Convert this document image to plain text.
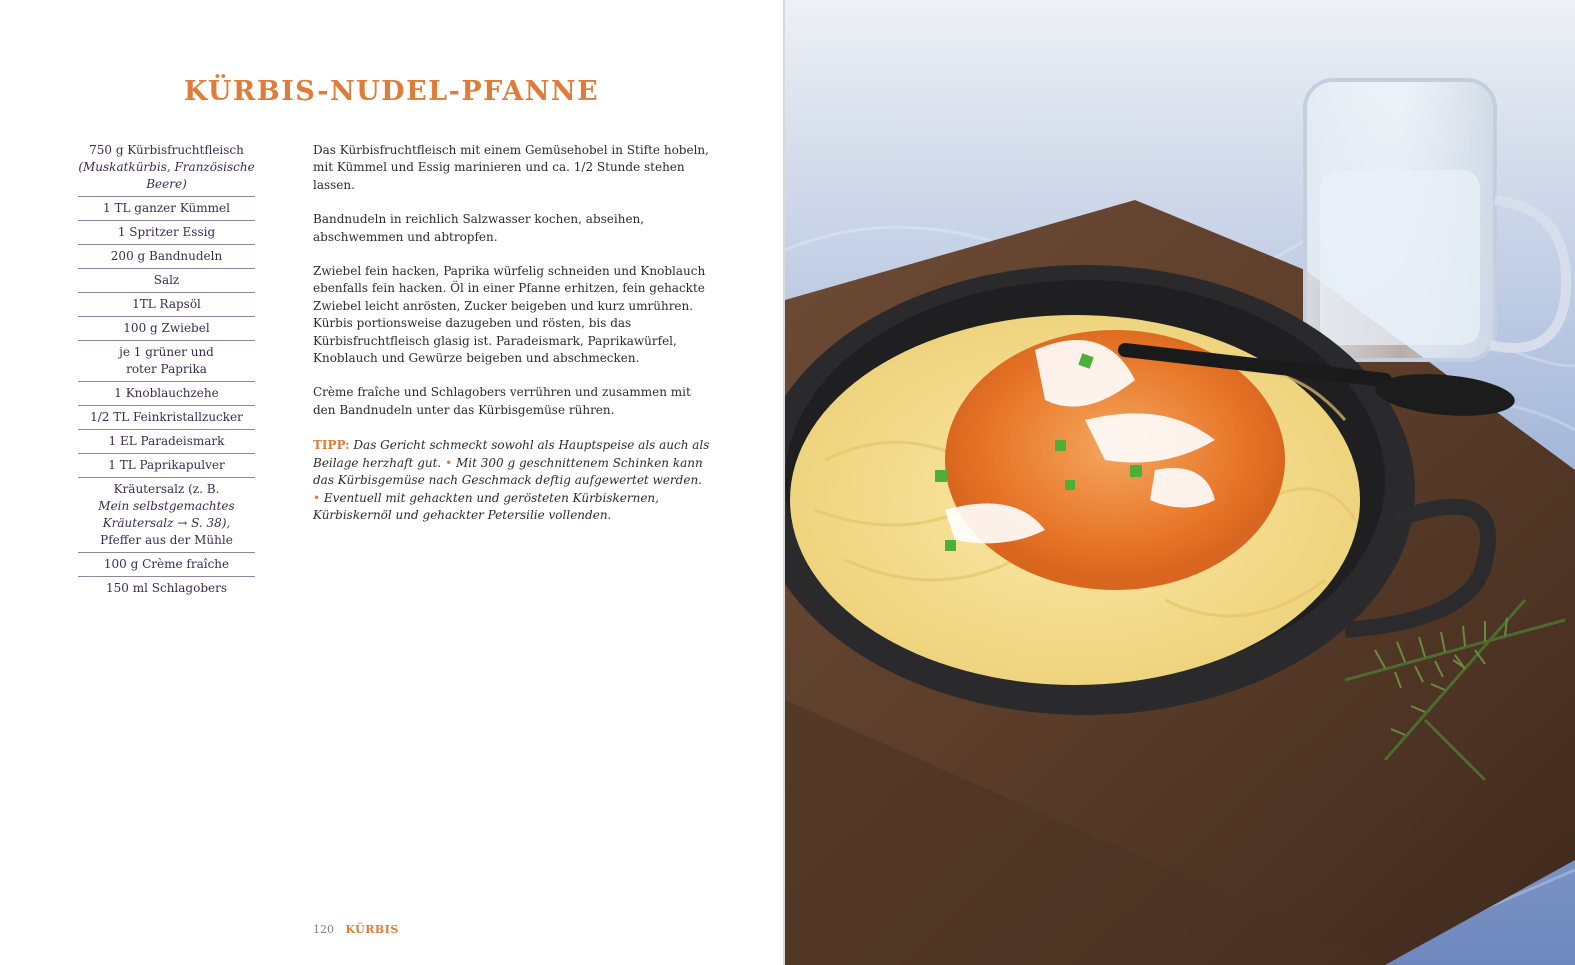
KÜRBIS-NUDEL-PFANNE
750 g Kürbisfruchtfleisch
(Muskatkürbis, Französische Beere)
1 TL ganzer Kümmel
1 Spritzer Essig
200 g Bandnudeln
Salz
1TL Rapsöl
100 g Zwiebel
je 1 grüner und roter Paprika
1 Knoblauchzehe
1/2 TL Feinkristallzucker
1 EL Paradeismark
1 TL Paprikapulver
Kräutersalz (z. B.
Mein selbstgemachtes Kräutersalz → S. 38),
Pfeffer aus der Mühle
100 g Crème fraîche
150 ml Schlagobers

Das Kürbisfruchtfleisch mit einem Gemüsehobel in Stifte hobeln, mit Kümmel und Essig marinieren und ca. 1/2 Stunde stehen lassen.

Bandnudeln in reichlich Salzwasser kochen, abseihen, abschwemmen und abtropfen.

Zwiebel fein hacken, Paprika würfelig schneiden und Knoblauch ebenfalls fein hacken. Öl in einer Pfanne erhitzen, fein gehackte Zwiebel leicht anrösten, Zucker beigeben und kurz umrühren. Kürbis portionsweise dazugeben und rösten, bis das Kürbisfruchtfleisch glasig ist. Paradeismark, Paprikawürfel, Knoblauch und Gewürze beigeben und abschmecken.

Crème fraîche und Schlagobers verrühren und zusammen mit den Bandnudeln unter das Kürbisgemüse rühren.

TIPP: Das Gericht schmeckt sowohl als Hauptspeise als auch als Beilage herzhaft gut. • Mit 300 g geschnittenem Schinken kann das Kürbisgemüse nach Geschmack deftig aufgewertet werden. • Eventuell mit gehackten und gerösteten Kürbiskernen, Kürbiskernöl und gehackter Petersilie vollenden.
120 KÜRBIS
